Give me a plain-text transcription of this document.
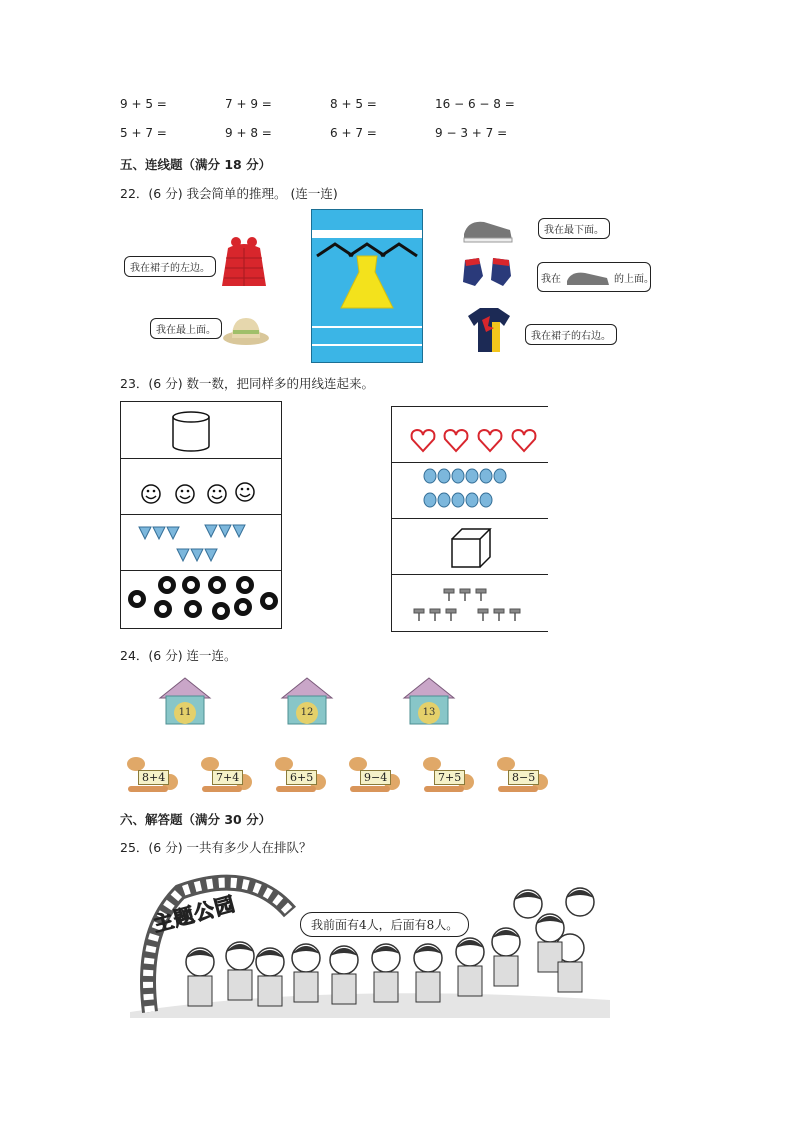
9 + 5 =	7 + 9 =	8 + 5 =	16 − 6 − 8 =
5 + 7 =	9 + 8 =	6 + 7 =	9 − 3 + 7 =
五、连线题（满分 18 分）
22．(6 分) 我会简单的推理。 (连一连)
我在裙子的左边。
我在最上面。
我在最下面。
我在	的上面。
我在裙子的右边。
23．(6 分) 数一数，把同样多的用线连起来。
24．(6 分) 连一连。
11	12	13
8+4	7+4	6+5	9−4	7+5	8−5
六、解答题（满分 30 分）
25．(6 分) 一共有多少人在排队？
主题公园	我前面有4人，后面有8人。
